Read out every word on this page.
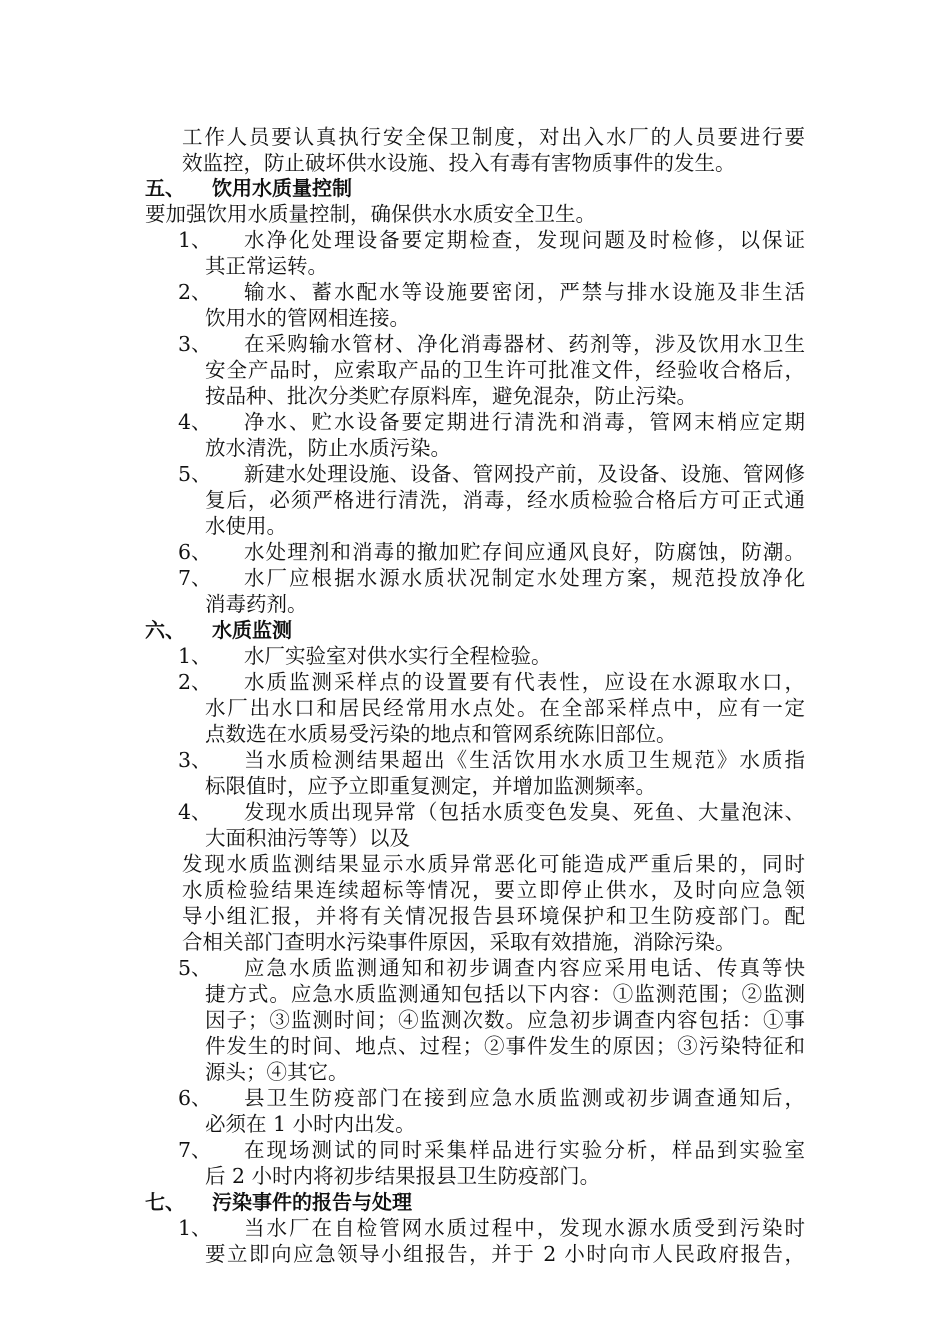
工作人员要认真执行安全保卫制度，对出入水厂的人员要进行要
效监控，防止破坏供水设施、投入有毒有害物质事件的发生。
五、 饮用水质量控制
要加强饮用水质量控制，确保供水水质安全卫生。
1、 水净化处理设备要定期检查，发现问题及时检修，以保证
其正常运转。
2、 输水、蓄水配水等设施要密闭，严禁与排水设施及非生活
饮用水的管网相连接。
3、 在采购输水管材、净化消毒器材、药剂等，涉及饮用水卫生
安全产品时，应索取产品的卫生许可批准文件，经验收合格后，
按品种、批次分类贮存原料库，避免混杂，防止污染。
4、 净水、贮水设备要定期进行清洗和消毒，管网末梢应定期
放水清洗，防止水质污染。
5、 新建水处理设施、设备、管网投产前，及设备、设施、管网修
复后，必须严格进行清洗，消毒，经水质检验合格后方可正式通
水使用。
6、 水处理剂和消毒的撤加贮存间应通风良好，防腐蚀，防潮。
7、 水厂应根据水源水质状况制定水处理方案，规范投放净化
消毒药剂。
六、 水质监测
1、 水厂实验室对供水实行全程检验。
2、 水质监测采样点的设置要有代表性，应设在水源取水口，
水厂出水口和居民经常用水点处。在全部采样点中，应有一定
点数选在水质易受污染的地点和管网系统陈旧部位。
3、 当水质检测结果超出《生活饮用水水质卫生规范》水质指
标限值时，应予立即重复测定，并增加监测频率。
4、 发现水质出现异常（包括水质变色发臭、死鱼、大量泡沫、
大面积油污等等）以及
发现水质监测结果显示水质异常恶化可能造成严重后果的，同时
水质检验结果连续超标等情况，要立即停止供水，及时向应急领
导小组汇报，并将有关情况报告县环境保护和卫生防疫部门。配
合相关部门查明水污染事件原因，采取有效措施，消除污染。
5、 应急水质监测通知和初步调查内容应采用电话、传真等快
捷方式。应急水质监测通知包括以下内容：①监测范围；②监测
因子；③监测时间；④监测次数。应急初步调查内容包括：①事
件发生的时间、地点、过程；②事件发生的原因；③污染特征和
源头；④其它。
6、 县卫生防疫部门在接到应急水质监测或初步调查通知后，
必须在 1 小时内出发。
7、 在现场测试的同时采集样品进行实验分析，样品到实验室
后 2 小时内将初步结果报县卫生防疫部门。
七、 污染事件的报告与处理
1、 当水厂在自检管网水质过程中，发现水源水质受到污染时
要立即向应急领导小组报告，并于 2 小时向市人民政府报告，
